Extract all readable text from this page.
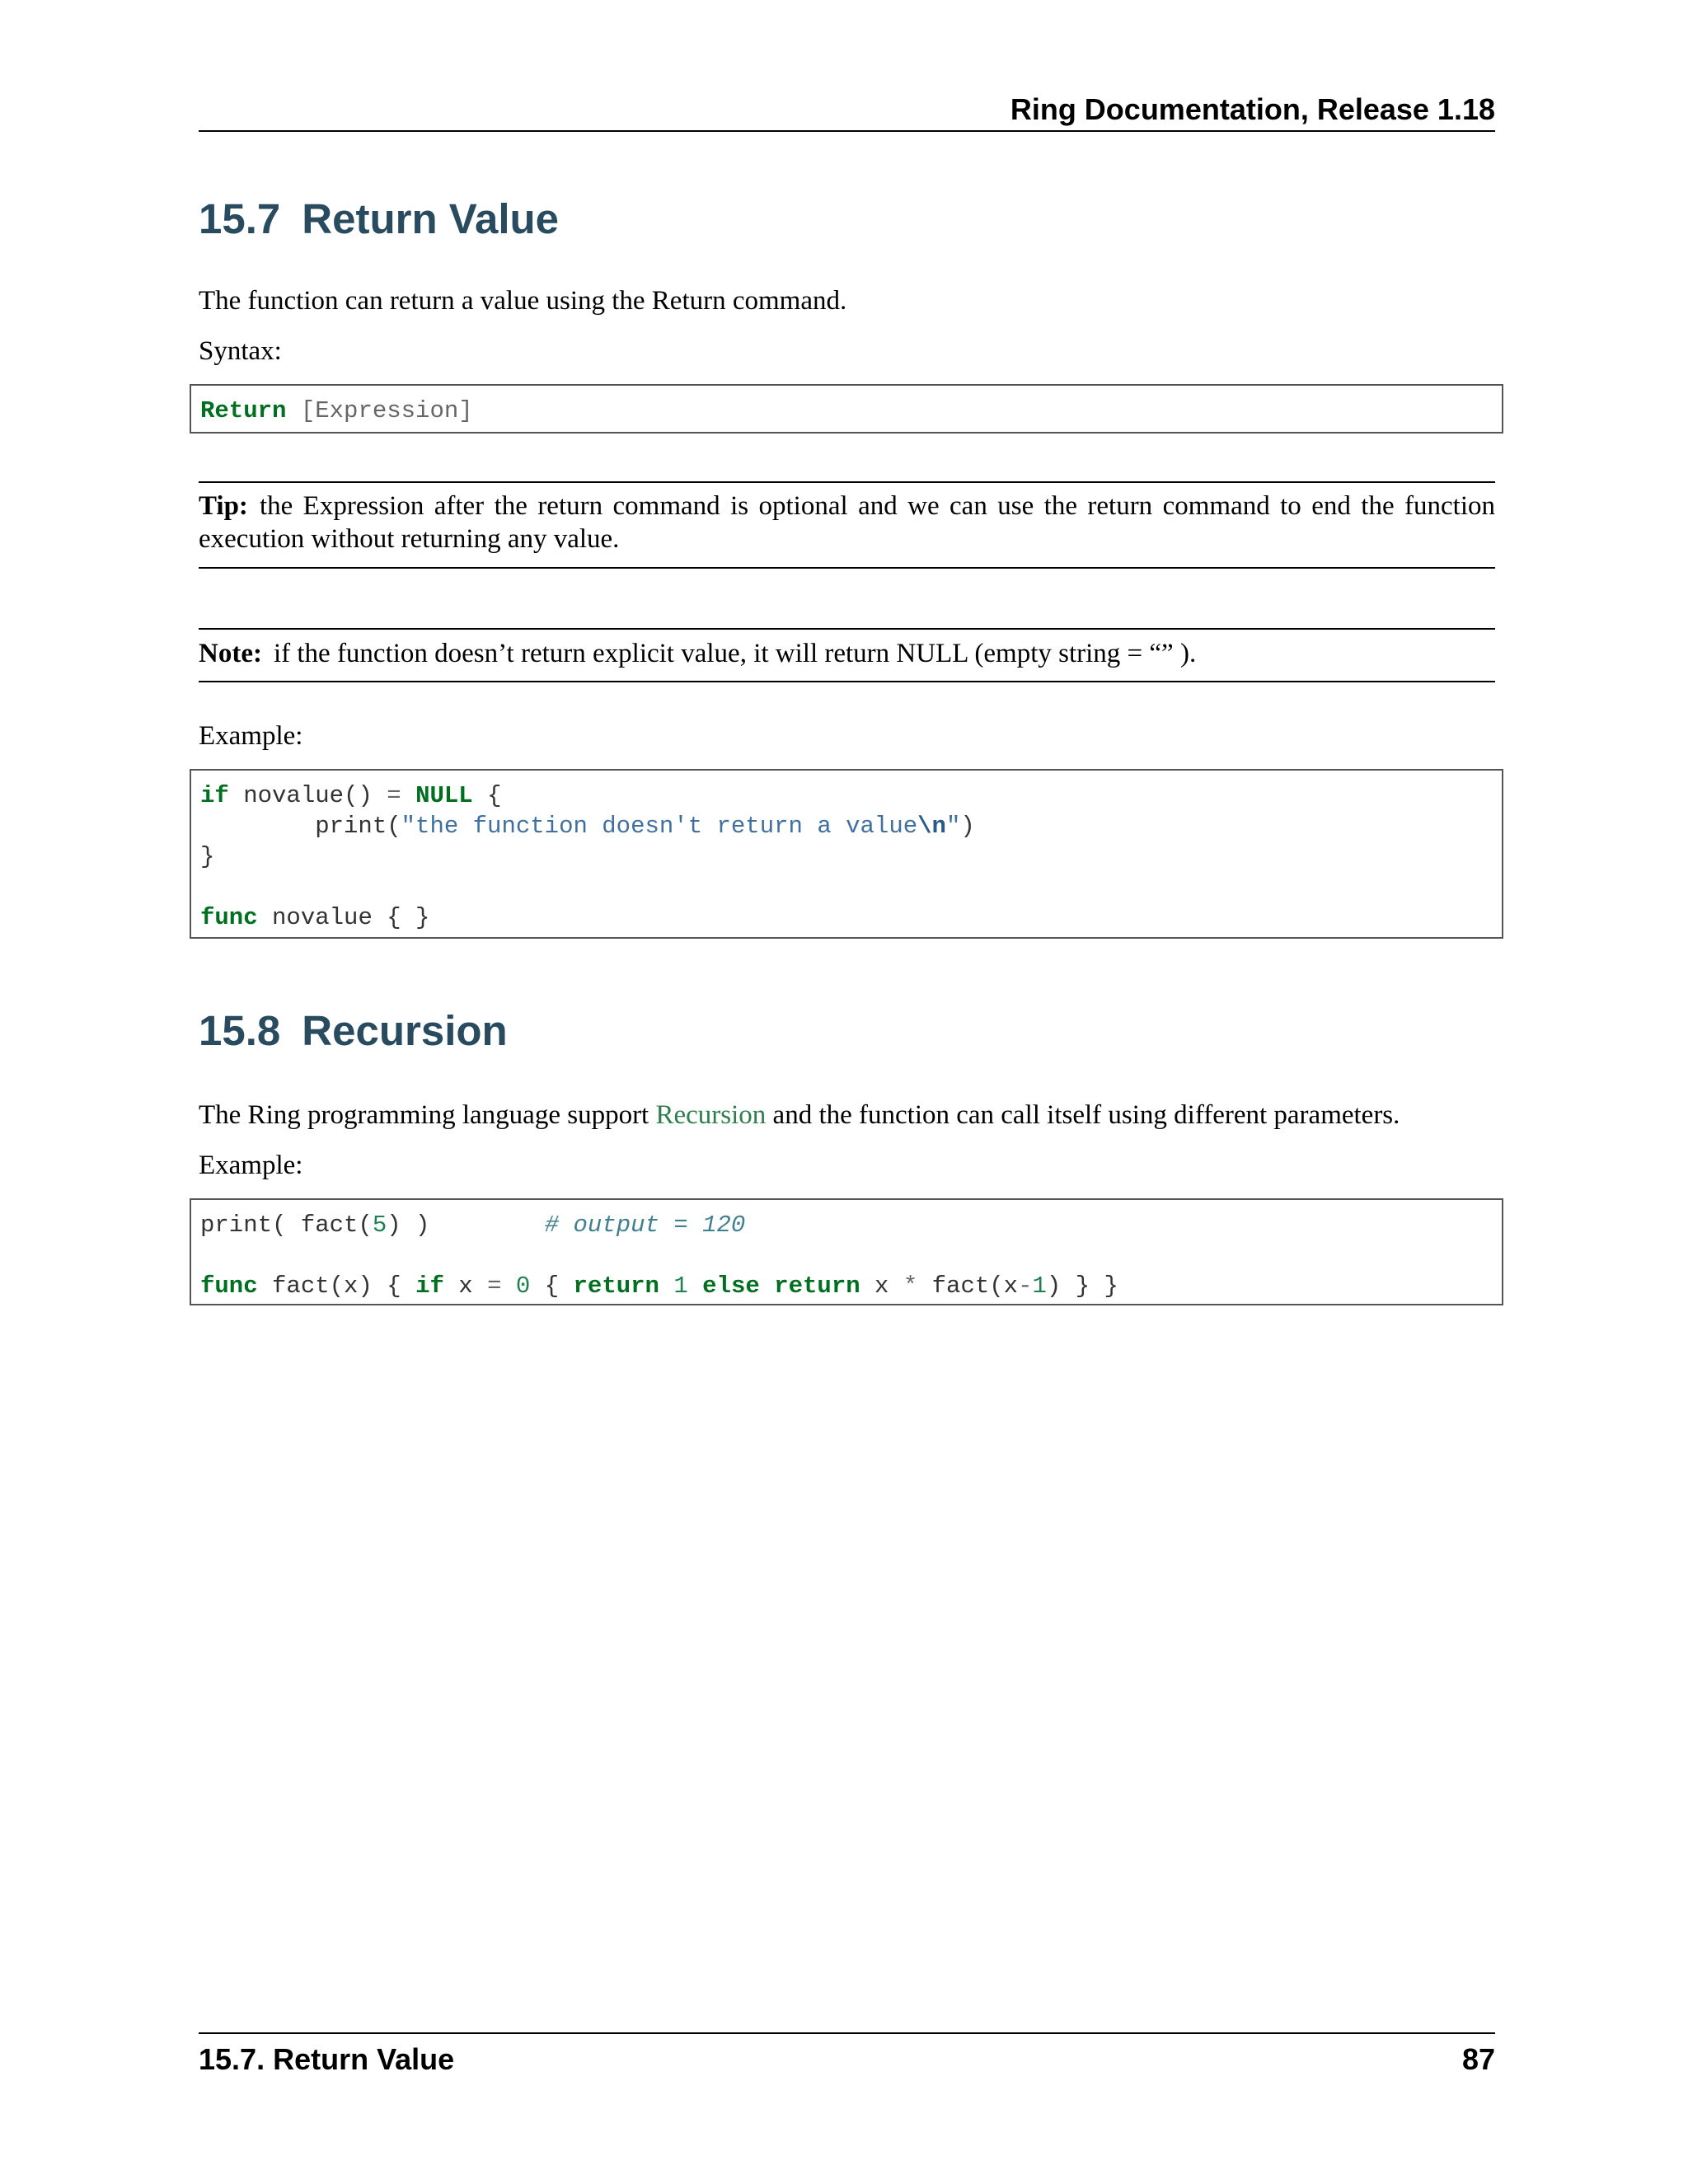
Ring Documentation, Release 1.18
15.7 Return Value

The function can return a value using the Return command.

Syntax:

Return [Expression]

Tip: the Expression after the return command is optional and we can use the return command to end the function execution without returning any value.

Note: if the function doesn’t return explicit value, it will return NULL (empty string = “” ).

Example:

if novalue() = NULL {
print("the function doesn't return a value\n")
}

func novalue { }
15.8 Recursion

The Ring programming language support Recursion and the function can call itself using different parameters.

Example:

print( fact(5) )        # output = 120

func fact(x) { if x = 0 { return 1 else return x * fact(x-1) } }
15.7. Return Value	87
